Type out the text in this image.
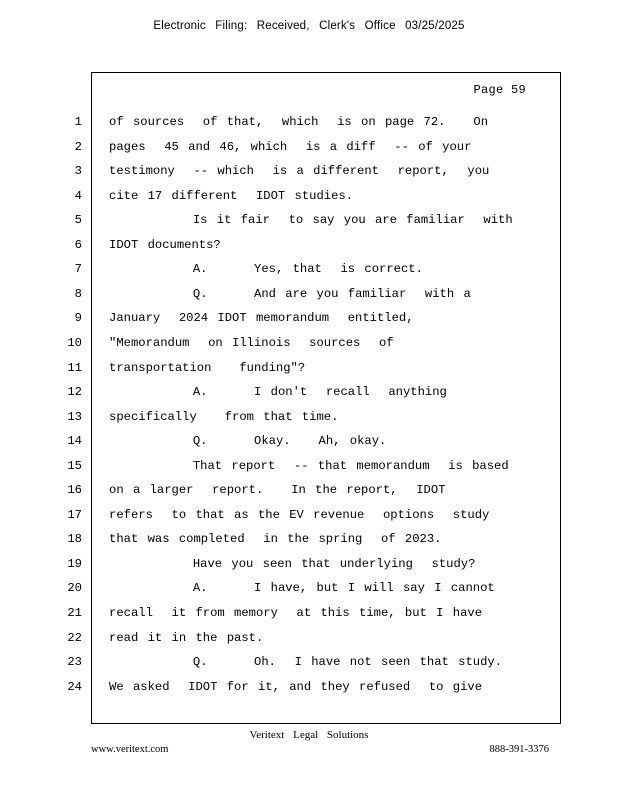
Electronic Filing: Received, Clerk's Office 03/25/2025
Page 59
1 of sources  of that,  which  is on page 72.   On
2 pages  45 and 46, which  is a diff  -- of your
3 testimony  -- which  is a different  report,  you
4 cite 17 different  IDOT studies.
5 Is it fair  to say you are familiar  with
6 IDOT documents?
7 A.     Yes, that  is correct.
8 Q.     And are you familiar  with a
9 January  2024 IDOT memorandum  entitled,
10 "Memorandum  on Illinois  sources  of
11 transportation   funding"?
12 A.     I don't  recall  anything
13 specifically   from that time.
14 Q.     Okay.   Ah, okay.
15 That report  -- that memorandum  is based
16 on a larger  report.   In the report,  IDOT
17 refers  to that as the EV revenue  options  study
18 that was completed  in the spring  of 2023.
19 Have you seen that underlying  study?
20 A.     I have, but I will say I cannot
21 recall  it from memory  at this time, but I have
22 read it in the past.
23 Q.     Oh.  I have not seen that study.
24 We asked  IDOT for it, and they refused  to give
Veritext Legal Solutions
www.veritext.com	888-391-3376
